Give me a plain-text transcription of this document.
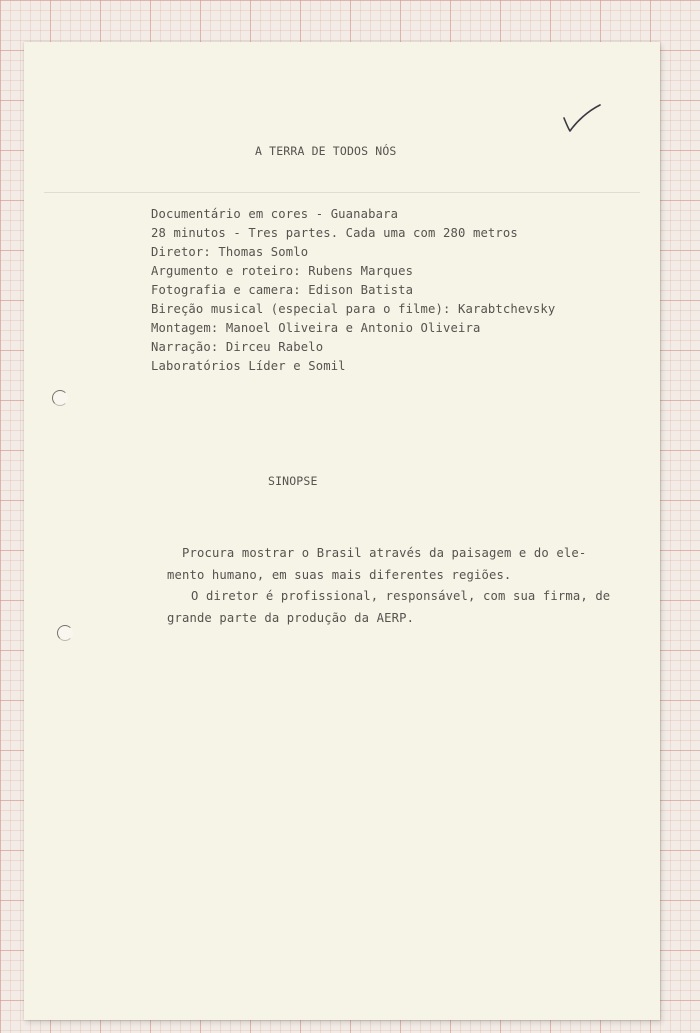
A TERRA DE TODOS NÓS
Documentário em cores - Guanabara
28 minutos - Tres partes. Cada uma com 280 metros
Diretor: Thomas Somlo
Argumento e roteiro: Rubens Marques
Fotografia e camera: Edison Batista
Bireção musical (especial para o filme): Karabtchevsky
Montagem: Manoel Oliveira e Antonio Oliveira
Narração: Dirceu Rabelo
Laboratórios Líder e Somil
SINOPSE
Procura mostrar o Brasil através da paisagem e do ele-
mento humano, em suas mais diferentes regiões.
O diretor é profissional, responsável, com sua firma, de
grande parte da produção da AERP.
